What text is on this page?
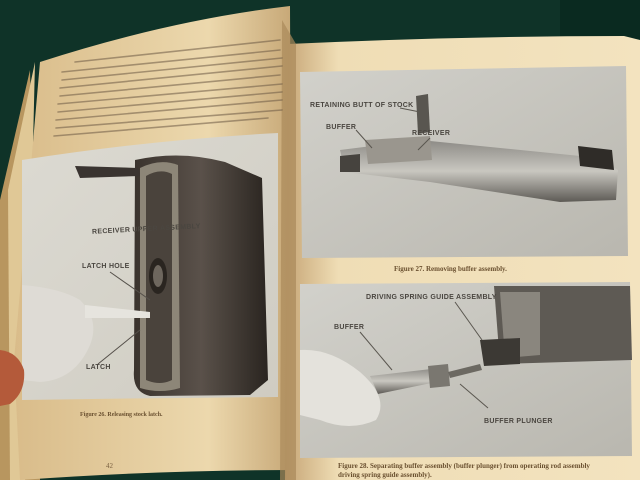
RECEIVER UPPER ASSEMBLY
LATCH HOLE
LATCH
Figure 26. Releasing stock latch.
42
RETAINING BUTT OF STOCK
BUFFER
RECEIVER
Figure 27. Removing buffer assembly.
DRIVING SPRING GUIDE ASSEMBLY
BUFFER
BUFFER PLUNGER
Figure 28. Separating buffer assembly (buffer plunger) from operating rod assembly driving spring guide assembly).
